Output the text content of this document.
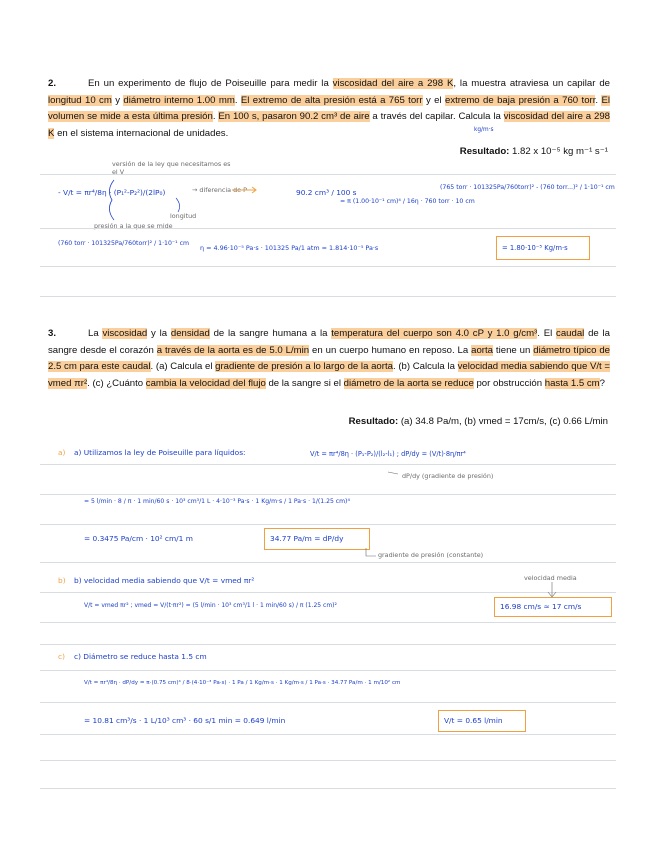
2.	En un experimento de flujo de Poiseuille para medir la viscosidad del aire a 298 K, la muestra atraviesa un capilar de longitud 10 cm y diámetro interno 1.00 mm. El extremo de alta presión está a 765 torr y el extremo de baja presión a 760 torr. El volumen se mide a esta última presión. En 100 s, pasaron 90.2 cm³ de aire a través del capilar. Calcula la viscosidad del aire a 298 K en el sistema internacional de unidades.	kg/m·s
Resultado: 1.82 x 10⁻⁵ kg m⁻¹ s⁻¹
versión de la ley que necesitamos es el V
- V/t = πr⁴/8η · (P₁²-P₂²)/(2lP₀)	→ diferencia de P
longitud
presión a la que se mide
90.2 cm³ / 100 s
= π (1.00·10⁻¹ cm)⁴ / 16η · 760 torr · 10 cm
(765 torr · 101325Pa/760torr)² - (760 torr...)² / 1·10⁻¹ cm
(760 torr · 101325Pa/760torr)² / 1·10⁻¹ cm
η = 4.96·10⁻⁵ Pa·s · 101325 Pa/1 atm = 1.814·10⁻⁵ Pa·s	= 1.80·10⁻⁵ Kg/m·s
3.	La viscosidad y la densidad de la sangre humana a la temperatura del cuerpo son 4.0 cP y 1.0 g/cm³. El caudal de la sangre desde el corazón a través de la aorta es de 5.0 L/min en un cuerpo humano en reposo. La aorta tiene un diámetro típico de 2.5 cm para este caudal. (a) Calcula el gradiente de presión a lo largo de la aorta. (b) Calcula la velocidad media sabiendo que V/t = vmed πr². (c) ¿Cuánto cambia la velocidad del flujo de la sangre si el diámetro de la aorta se reduce por obstrucción hasta 1.5 cm?
Resultado: (a) 34.8 Pa/m, (b) vmed = 17cm/s, (c) 0.66 L/min
a) a) Utilizamos la ley de Poiseuille para líquidos:	V/t = πr⁴/8η · (P₁-P₂)/(l₂-l₁) ; dP/dy = (V/t)·8η/πr⁴
dP/dy (gradiente de presión)
= 5 l/min · 8 / π · 1 min/60 s · 10³ cm³/1 L · 4·10⁻³ Pa·s · 1 Kg/m·s / 1 Pa·s · 1/(1.25 cm)⁴
= 0.3475 Pa/cm · 10² cm/1 m	34.77 Pa/m = dP/dy
gradiente de presión (constante)
b) b) velocidad media sabiendo que V/t = vmed πr²	velocidad media
V/t = vmed πr² ; vmed = V/(t·πr²) = (5 l/min · 10³ cm³/1 l · 1 min/60 s) / π (1.25 cm)²	16.98 cm/s ≈ 17 cm/s
c) c) Diámetro se reduce hasta 1.5 cm
V/t = πr⁴/8η · dP/dy = π·(0.75 cm)⁴ / 8·(4·10⁻³ Pa·s) · 1 Pa / 1 Kg/m·s · 1 Kg/m·s / 1 Pa·s · 34.77 Pa/m · 1 m/10² cm
= 10.81 cm³/s · 1 L/10³ cm³ · 60 s/1 min = 0.649 l/min	V/t = 0.65 l/min
